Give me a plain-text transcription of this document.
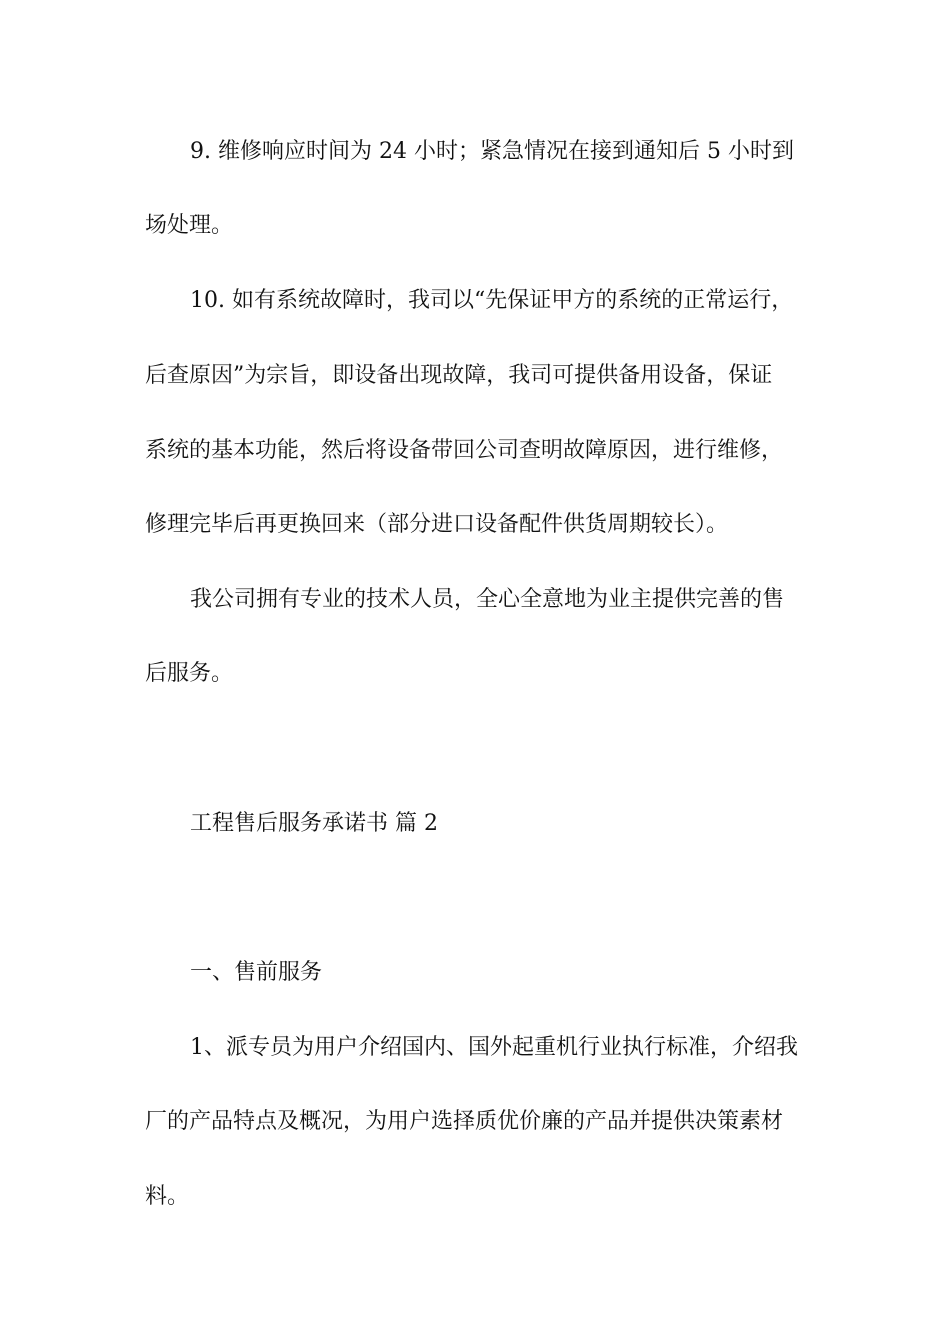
9. 维修响应时间为 24 小时；紧急情况在接到通知后 5 小时到
场处理。
10. 如有系统故障时，我司以“先保证甲方的系统的正常运行，
后查原因”为宗旨，即设备出现故障，我司可提供备用设备，保证
系统的基本功能，然后将设备带回公司查明故障原因，进行维修，
修理完毕后再更换回来（部分进口设备配件供货周期较长）。
我公司拥有专业的技术人员，全心全意地为业主提供完善的售
后服务。
工程售后服务承诺书 篇 2
一、售前服务
1、派专员为用户介绍国内、国外起重机行业执行标准，介绍我
厂的产品特点及概况，为用户选择质优价廉的产品并提供决策素材
料。
